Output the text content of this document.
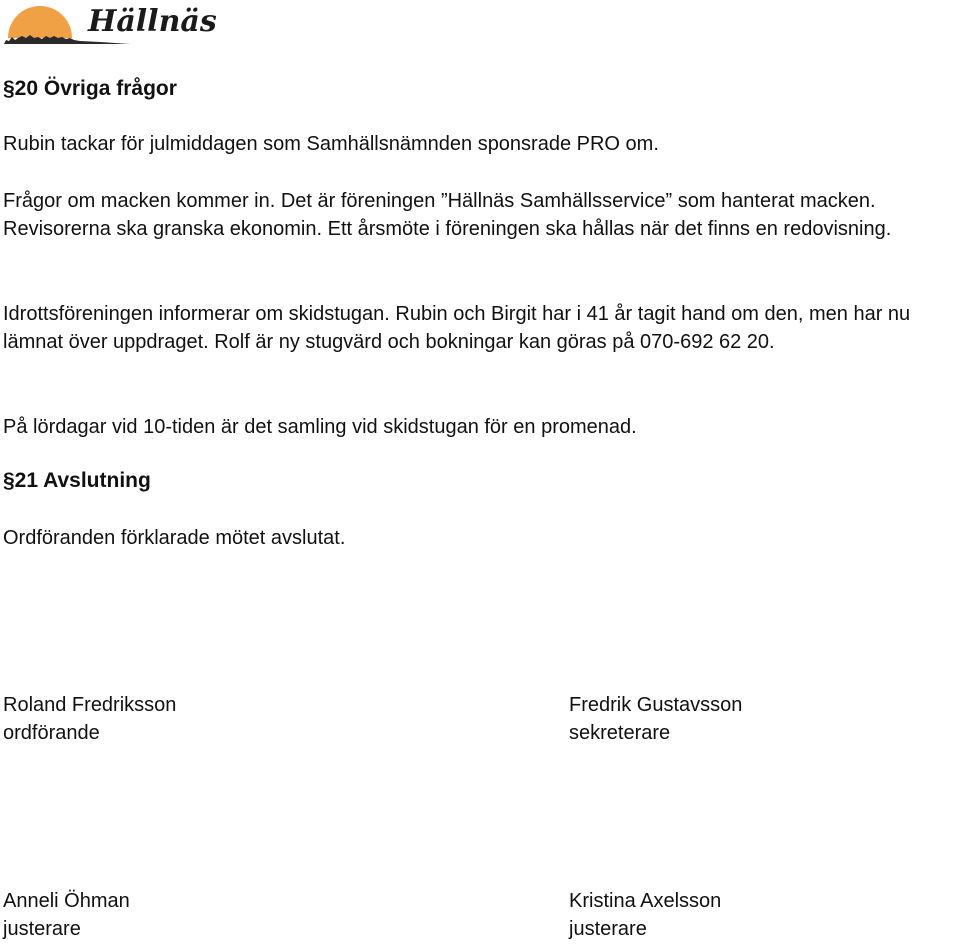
Hällnäs
§20 Övriga frågor
Rubin tackar för julmiddagen som Samhällsnämnden sponsrade PRO om.
Frågor om macken kommer in. Det är föreningen ”Hällnäs Samhällsservice” som hanterat macken. Revisorerna ska granska ekonomin. Ett årsmöte i föreningen ska hållas när det finns en redovisning.
Idrottsföreningen informerar om skidstugan. Rubin och Birgit har i 41 år tagit hand om den, men har nu lämnat över uppdraget. Rolf är ny stugvärd och bokningar kan göras på 070-692 62 20.
På lördagar vid 10-tiden är det samling vid skidstugan för en promenad.
§21 Avslutning
Ordföranden förklarade mötet avslutat.
Roland Fredriksson
ordförande
Fredrik Gustavsson
sekreterare
Anneli Öhman
justerare
Kristina Axelsson
justerare
